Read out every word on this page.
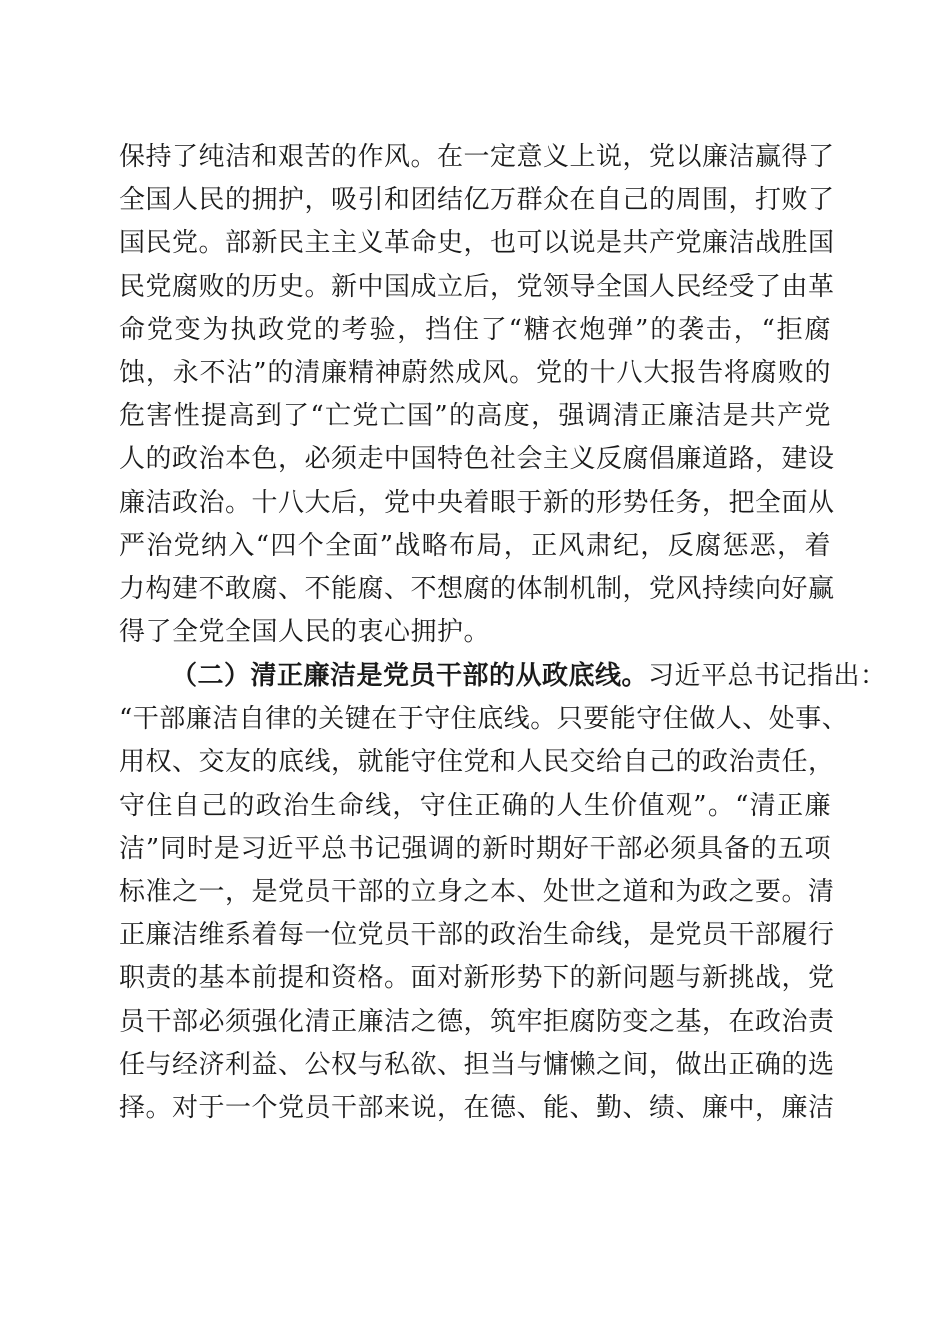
保持了纯洁和艰苦的作风。在一定意义上说，党以廉洁赢得了
全国人民的拥护，吸引和团结亿万群众在自己的周围，打败了
国民党。部新民主主义革命史，也可以说是共产党廉洁战胜国
民党腐败的历史。新中国成立后，党领导全国人民经受了由革
命党变为执政党的考验，挡住了“糖衣炮弹”的袭击，“拒腐
蚀，永不沾”的清廉精神蔚然成风。党的十八大报告将腐败的
危害性提高到了“亡党亡国”的高度，强调清正廉洁是共产党
人的政治本色，必须走中国特色社会主义反腐倡廉道路，建设
廉洁政治。十八大后，党中央着眼于新的形势任务，把全面从
严治党纳入“四个全面”战略布局，正风肃纪，反腐惩恶，着
力构建不敢腐、不能腐、不想腐的体制机制，党风持续向好赢
得了全党全国人民的衷心拥护。
（二）清正廉洁是党员干部的从政底线。习近平总书记指出：
“干部廉洁自律的关键在于守住底线。只要能守住做人、处事、
用权、交友的底线，就能守住党和人民交给自己的政治责任，
守住自己的政治生命线，守住正确的人生价值观”。“清正廉
洁”同时是习近平总书记强调的新时期好干部必须具备的五项
标准之一，是党员干部的立身之本、处世之道和为政之要。清
正廉洁维系着每一位党员干部的政治生命线，是党员干部履行
职责的基本前提和资格。面对新形势下的新问题与新挑战，党
员干部必须强化清正廉洁之德，筑牢拒腐防变之基，在政治责
任与经济利益、公权与私欲、担当与慵懒之间，做出正确的选
择。对于一个党员干部来说，在德、能、勤、绩、廉中，廉洁
